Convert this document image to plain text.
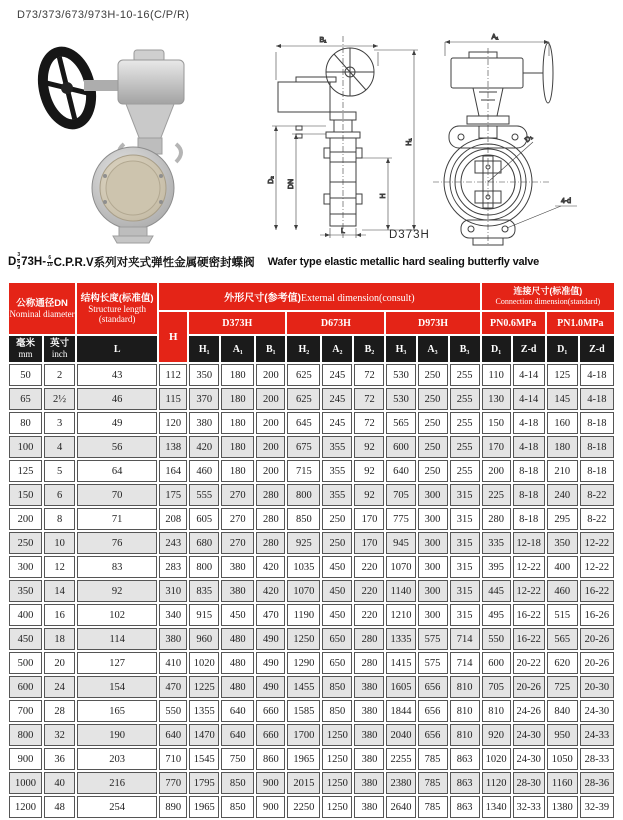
D73/373/673/973H-10-16(C/P/R)
B₁
H₁
D₂ DN
H
L
A₁
D₁
4-d
D373H
D
3
6
9 73H- 6
10 C.P.R.V系列对夹式弹性金属硬密封蝶阀 Wafer type elastic metallic hard sealing butterfly valve
公称通径DN
Nominal diameter		结构长度(标准值)
Structure length
(standard)	外形尺寸(参考值)External dimension(consult)										连接尺寸(标准值)
Connection dimension(standard)			

			H	D373H			D673H			D973H			PN0.6MPa		PN1.0MPa	

毫米
mm	英寸
inch	L		H₁	A₁	B₁	H₂	A₂	B₂	H₃	A₃	B₃	D₁	Z-d	D₁	Z-d
50	2	43	112	350	180	200	625	245	72	530	250	255	110	4-14	125	4-18
65	2½	46	115	370	180	200	625	245	72	530	250	255	130	4-14	145	4-18
80	3	49	120	380	180	200	645	245	72	565	250	255	150	4-18	160	8-18
100	4	56	138	420	180	200	675	355	92	600	250	255	170	4-18	180	8-18
125	5	64	164	460	180	200	715	355	92	640	250	255	200	8-18	210	8-18
150	6	70	175	555	270	280	800	355	92	705	300	315	225	8-18	240	8-22
200	8	71	208	605	270	280	850	250	170	775	300	315	280	8-18	295	8-22
250	10	76	243	680	270	280	925	250	170	945	300	315	335	12-18	350	12-22
300	12	83	283	800	380	420	1035	450	220	1070	300	315	395	12-22	400	12-22
350	14	92	310	835	380	420	1070	450	220	1140	300	315	445	12-22	460	16-22
400	16	102	340	915	450	470	1190	450	220	1210	300	315	495	16-22	515	16-26
450	18	114	380	960	480	490	1250	650	280	1335	575	714	550	16-22	565	20-26
500	20	127	410	1020	480	490	1290	650	280	1415	575	714	600	20-22	620	20-26
600	24	154	470	1225	480	490	1455	850	380	1605	656	810	705	20-26	725	20-30
700	28	165	550	1355	640	660	1585	850	380	1844	656	810	810	24-26	840	24-30
800	32	190	640	1470	640	660	1700	1250	380	2040	656	810	920	24-30	950	24-33
900	36	203	710	1545	750	860	1965	1250	380	2255	785	863	1020	24-30	1050	28-33
1000	40	216	770	1795	850	900	2015	1250	380	2380	785	863	1120	28-30	1160	28-36
1200	48	254	890	1965	850	900	2250	1250	380	2640	785	863	1340	32-33	1380	32-39
